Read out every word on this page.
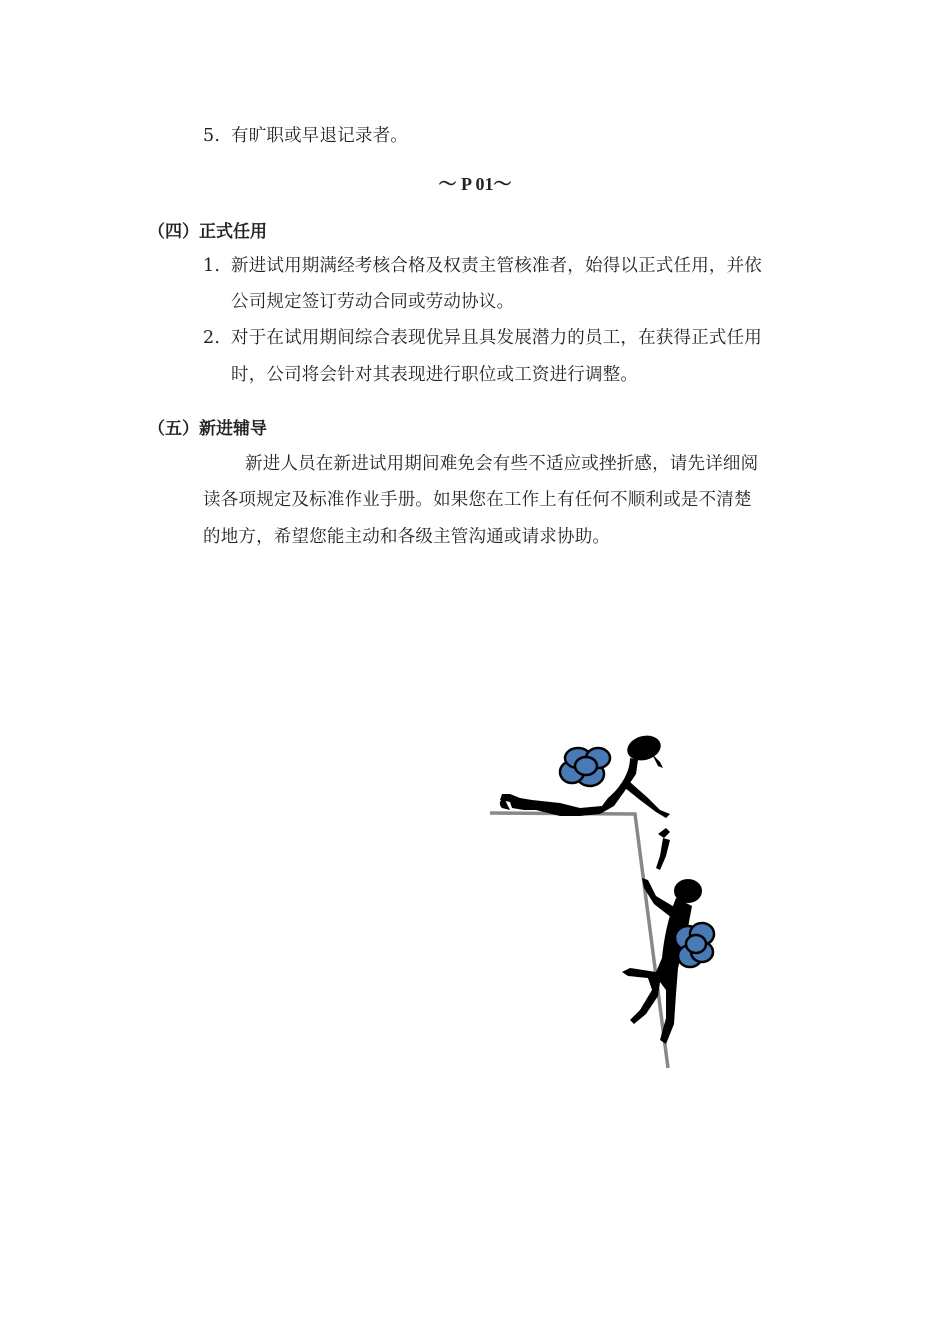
5. 有旷职或早退记录者。
～ P 01～
（四）正式任用
1. 新进试用期满经考核合格及权责主管核准者，始得以正式任用，并依
公司规定签订劳动合同或劳动协议。
2. 对于在试用期间综合表现优异且具发展潜力的员工，在获得正式任用
时，公司将会针对其表现进行职位或工资进行调整。
（五）新进辅导
新进人员在新进试用期间难免会有些不适应或挫折感，请先详细阅
读各项规定及标准作业手册。如果您在工作上有任何不顺利或是不清楚
的地方，希望您能主动和各级主管沟通或请求协助。
